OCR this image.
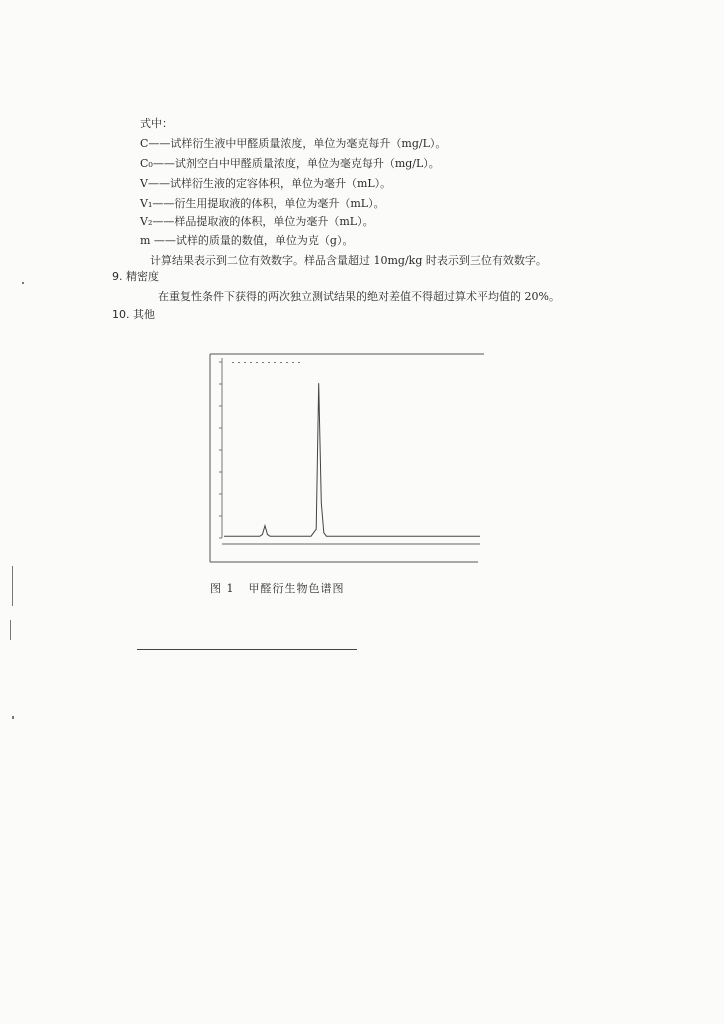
式中：
C——试样衍生液中甲醛质量浓度，单位为毫克每升（mg/L）。
C₀——试剂空白中甲醛质量浓度，单位为毫克每升（mg/L）。
V——试样衍生液的定容体积，单位为毫升（mL）。
V₁——衍生用提取液的体积，单位为毫升（mL）。
V₂——样品提取液的体积，单位为毫升（mL）。
m ——试样的质量的数值，单位为克（g）。
计算结果表示到二位有效数字。样品含量超过 10mg/kg 时表示到三位有效数字。
9. 精密度
在重复性条件下获得的两次独立测试结果的绝对差值不得超过算术平均值的 20%。
10. 其他
图 1 甲醛衍生物色谱图
